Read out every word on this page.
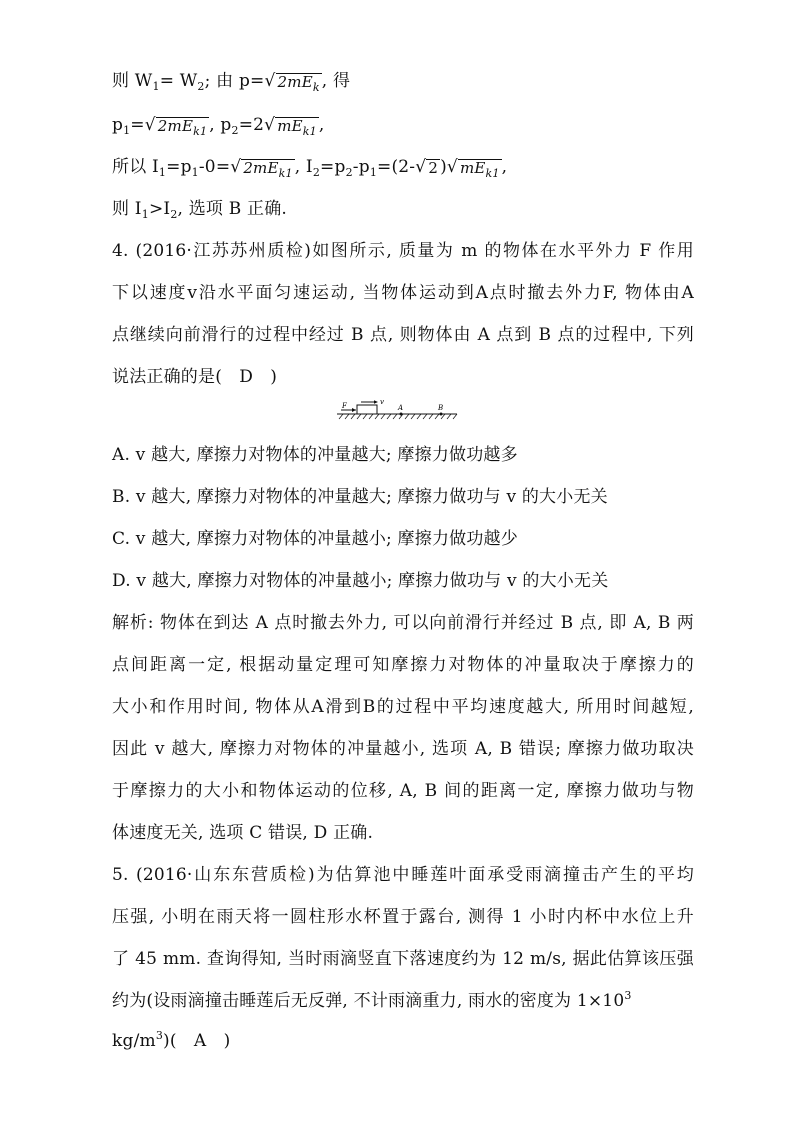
则 $W_1= W_2$; 由 p=√ $2mE_k$ , 得
$p_1=√$ $2mE_{k1}$ , $p_2=2√$ $mE_{k1}$ ,
所以 $I_1=p_1-0=√$ $2mE_{k1}$ , $I_2=p_2-p_1=(2-√$ 2 )√ $mE_{k1}$ ,
则 $I_1>I_2$, 选项 B 正确.
4. (2016·江苏苏州质检)如图所示, 质量为 m 的物体在水平外力 F 作用
下以速度v沿水平面匀速运动, 当物体运动到A点时撤去外力F, 物体由A
点继续向前滑行的过程中经过 B 点, 则物体由 A 点到 B 点的过程中, 下列
说法正确的是(　D　)
F	v
A	B
A. v 越大, 摩擦力对物体的冲量越大; 摩擦力做功越多
B. v 越大, 摩擦力对物体的冲量越大; 摩擦力做功与 v 的大小无关
C. v 越大, 摩擦力对物体的冲量越小; 摩擦力做功越少
D. v 越大, 摩擦力对物体的冲量越小; 摩擦力做功与 v 的大小无关
解析: 物体在到达 A 点时撤去外力, 可以向前滑行并经过 B 点, 即 A, B 两
点间距离一定, 根据动量定理可知摩擦力对物体的冲量取决于摩擦力的
大小和作用时间, 物体从A滑到B的过程中平均速度越大, 所用时间越短,
因此 v 越大, 摩擦力对物体的冲量越小, 选项 A, B 错误; 摩擦力做功取决
于摩擦力的大小和物体运动的位移, A, B 间的距离一定, 摩擦力做功与物
体速度无关, 选项 C 错误, D 正确.
5. (2016·山东东营质检)为估算池中睡莲叶面承受雨滴撞击产生的平均
压强, 小明在雨天将一圆柱形水杯置于露台, 测得 1 小时内杯中水位上升
了 45 mm. 查询得知, 当时雨滴竖直下落速度约为 12 m/s, 据此估算该压强
约为(设雨滴撞击睡莲后无反弹, 不计雨滴重力, 雨水的密度为 $1\times 10^3$
$kg/m^3$)(　A　)
